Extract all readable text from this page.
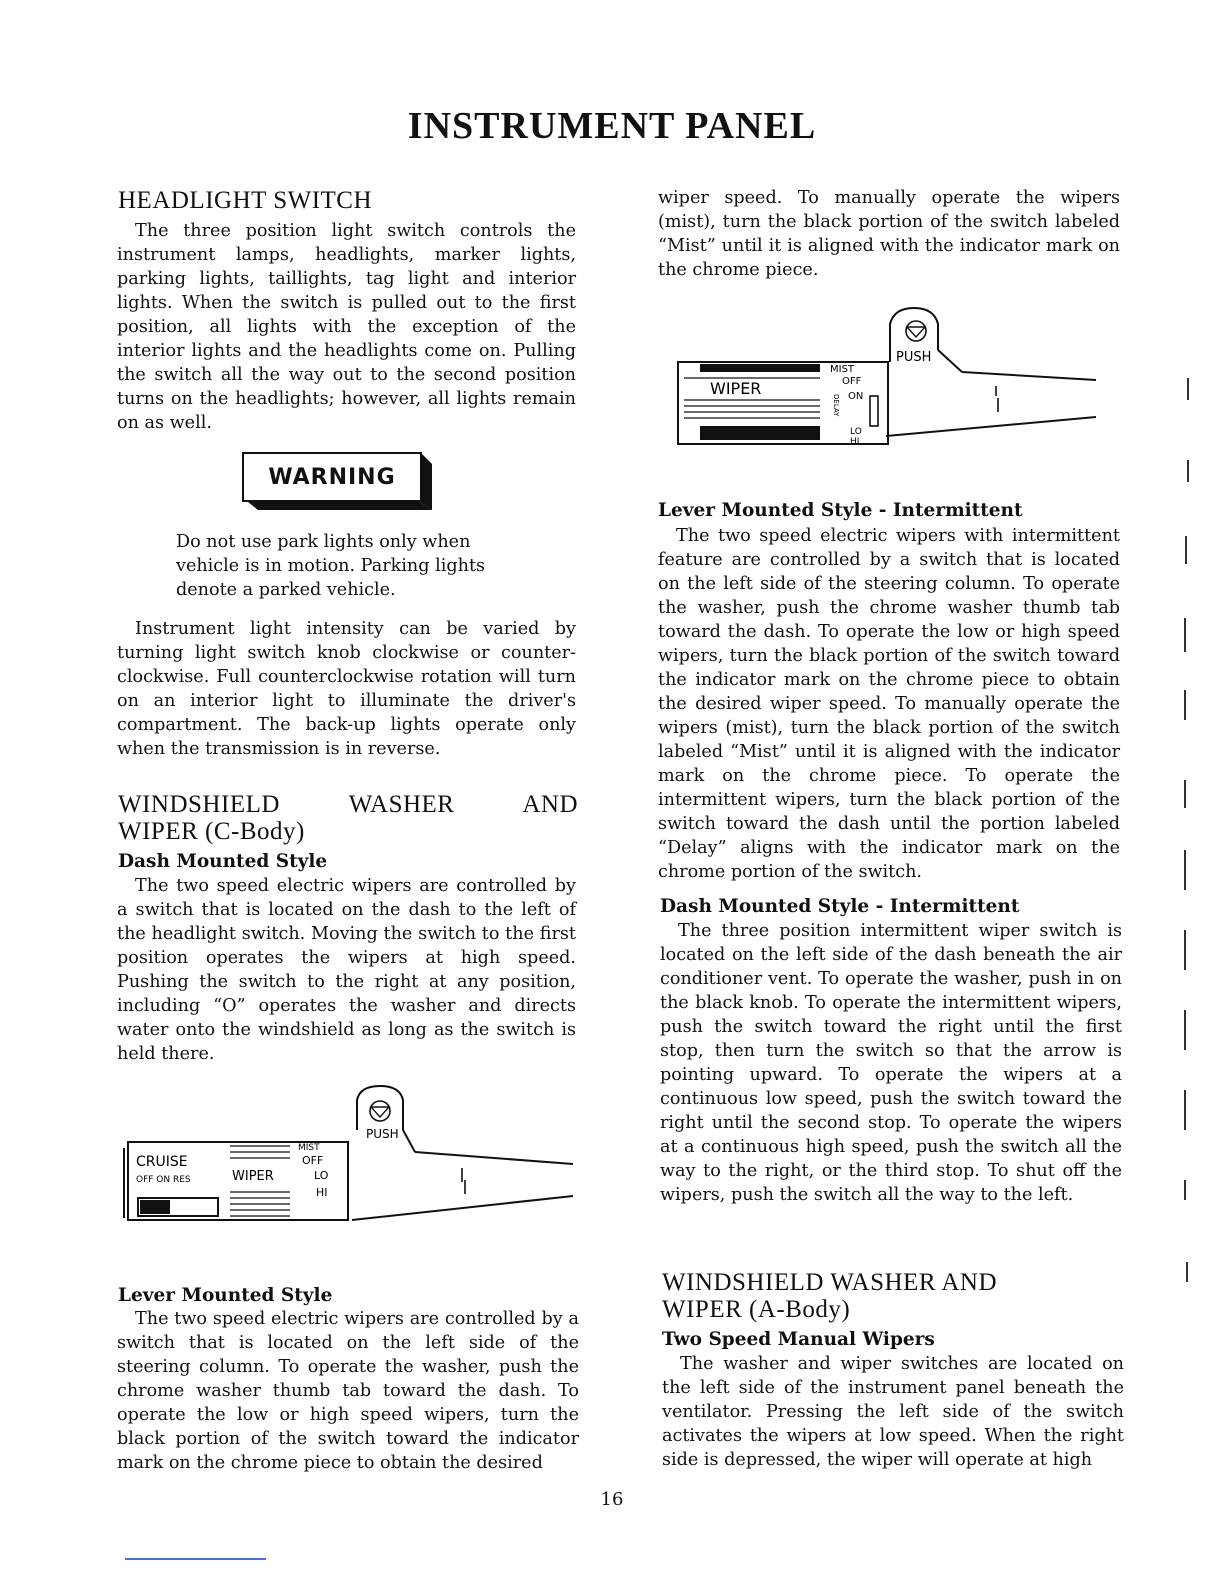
INSTRUMENT PANEL
HEADLIGHT SWITCH
The three position light switch controls the instrument lamps, headlights, marker lights, parking lights, taillights, tag light and interior lights. When the switch is pulled out to the first position, all lights with the exception of the interior lights and the headlights come on. Pulling the switch all the way out to the second position turns on the headlights; however, all lights remain on as well.
WARNING
Do not use park lights only when vehicle is in motion. Parking lights denote a parked vehicle.
Instrument light intensity can be varied by turning light switch knob clockwise or counter-clockwise. Full counterclockwise rotation will turn on an interior light to illuminate the driver's compartment. The back-up lights operate only when the transmission is in reverse.
WINDSHIELD WASHER AND
WIPER (C-Body)
Dash Mounted Style
The two speed electric wipers are controlled by a switch that is located on the dash to the left of the headlight switch. Moving the switch to the first position operates the wipers at high speed. Pushing the switch to the right at any position, including “O” operates the washer and directs water onto the windshield as long as the switch is held there.
PUSH
CRUISE
OFF ON RES	WIPER
MIST
OFF
LO
HI
Lever Mounted Style
The two speed electric wipers are controlled by a switch that is located on the left side of the steering column. To operate the washer, push the chrome washer thumb tab toward the dash. To operate the low or high speed wipers, turn the black portion of the switch toward the indicator mark on the chrome piece to obtain the desired
wiper speed. To manually operate the wipers (mist), turn the black portion of the switch labeled “Mist” until it is aligned with the indicator mark on the chrome piece.
PUSH
WIPER
MIST
OFF
ON
LO
HI
DELAY
Lever Mounted Style - Intermittent
The two speed electric wipers with intermittent feature are controlled by a switch that is located on the left side of the steering column. To operate the washer, push the chrome washer thumb tab toward the dash. To operate the low or high speed wipers, turn the black portion of the switch toward the indicator mark on the chrome piece to obtain the desired wiper speed. To manually operate the wipers (mist), turn the black portion of the switch labeled “Mist” until it is aligned with the indicator mark on the chrome piece. To operate the intermittent wipers, turn the black portion of the switch toward the dash until the portion labeled “Delay” aligns with the indicator mark on the chrome portion of the switch.
Dash Mounted Style - Intermittent
The three position intermittent wiper switch is located on the left side of the dash beneath the air conditioner vent. To operate the washer, push in on the black knob. To operate the intermittent wipers, push the switch toward the right until the first stop, then turn the switch so that the arrow is pointing upward. To operate the wipers at a continuous low speed, push the switch toward the right until the second stop. To operate the wipers at a continuous high speed, push the switch all the way to the right, or the third stop. To shut off the wipers, push the switch all the way to the left.
WINDSHIELD WASHER AND
WIPER (A-Body)
Two Speed Manual Wipers
The washer and wiper switches are located on the left side of the instrument panel beneath the ventilator. Pressing the left side of the switch activates the wipers at low speed. When the right side is depressed, the wiper will operate at high
16
